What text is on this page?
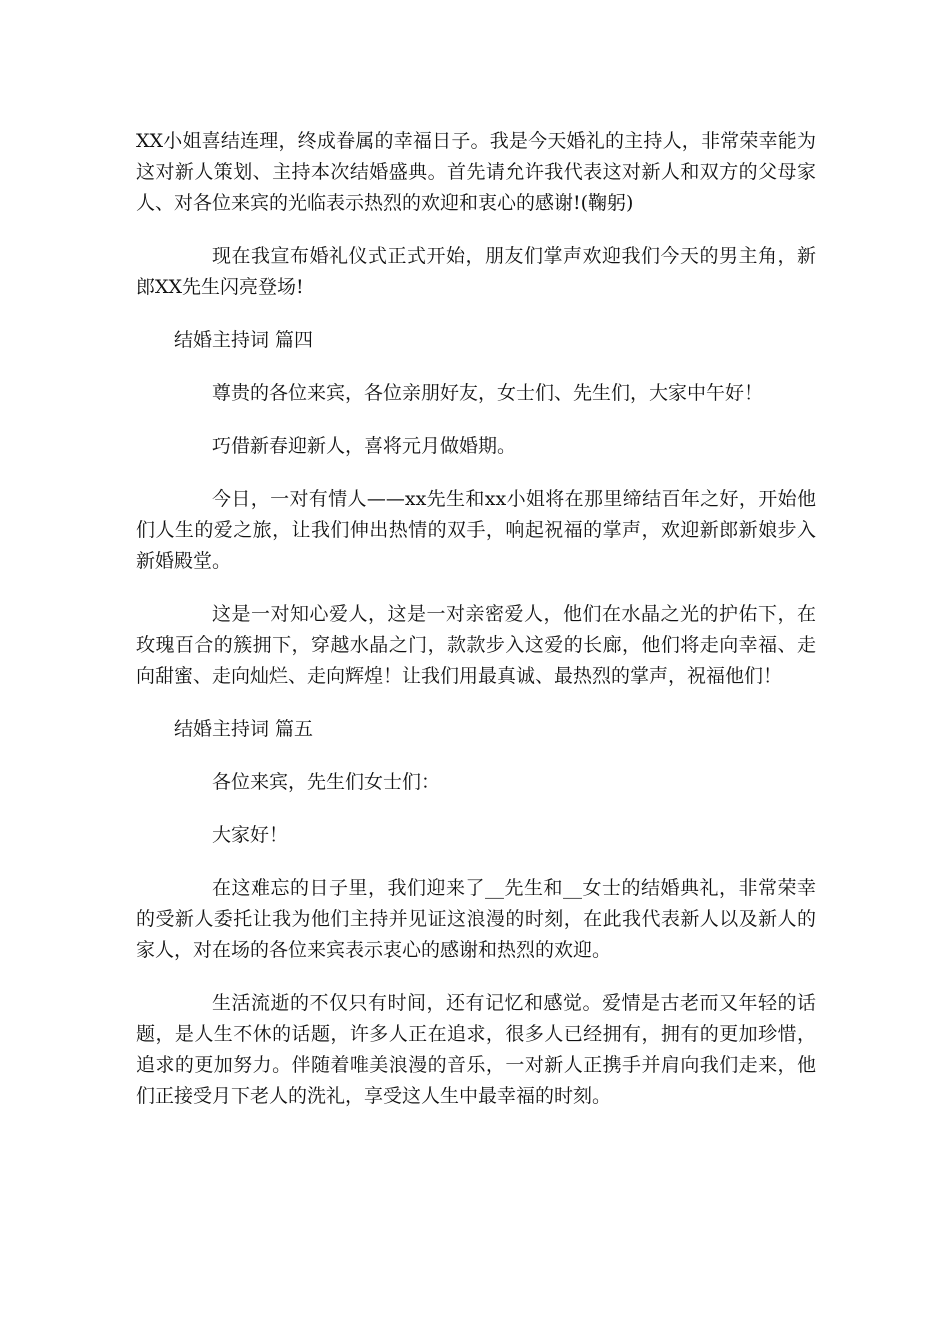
XX小姐喜结连理，终成眷属的幸福日子。我是今天婚礼的主持人，非常荣幸能为这对新人策划、主持本次结婚盛典。首先请允许我代表这对新人和双方的父母家人、对各位来宾的光临表示热烈的欢迎和衷心的感谢!(鞠躬)

现在我宣布婚礼仪式正式开始，朋友们掌声欢迎我们今天的男主角，新郎XX先生闪亮登场!

结婚主持词 篇四

尊贵的各位来宾，各位亲朋好友，女士们、先生们，大家中午好！

巧借新春迎新人，喜将元月做婚期。

今日，一对有情人——xx先生和xx小姐将在那里缔结百年之好，开始他们人生的爱之旅，让我们伸出热情的双手，响起祝福的掌声，欢迎新郎新娘步入新婚殿堂。

这是一对知心爱人，这是一对亲密爱人，他们在水晶之光的护佑下，在玫瑰百合的簇拥下，穿越水晶之门，款款步入这爱的长廊，他们将走向幸福、走向甜蜜、走向灿烂、走向辉煌！让我们用最真诚、最热烈的掌声，祝福他们！

结婚主持词 篇五

各位来宾，先生们女士们：

大家好！

在这难忘的日子里，我们迎来了__先生和__女士的结婚典礼，非常荣幸的受新人委托让我为他们主持并见证这浪漫的时刻，在此我代表新人以及新人的家人，对在场的各位来宾表示衷心的感谢和热烈的欢迎。

生活流逝的不仅只有时间，还有记忆和感觉。爱情是古老而又年轻的话题，是人生不休的话题，许多人正在追求，很多人已经拥有，拥有的更加珍惜，追求的更加努力。伴随着唯美浪漫的音乐，一对新人正携手并肩向我们走来，他们正接受月下老人的洗礼，享受这人生中最幸福的时刻。
